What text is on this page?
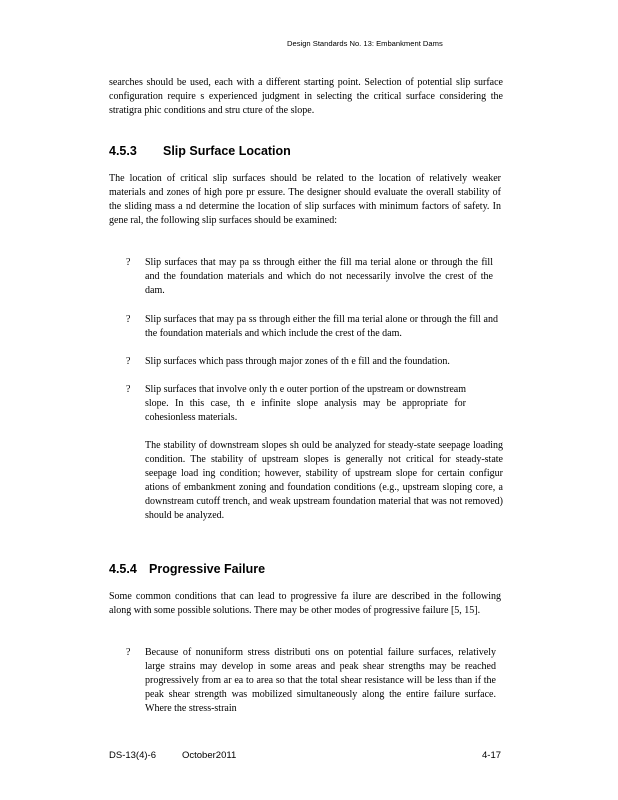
Design Standards No. 13: Embankment Dams

searches should be used, each with a different starting point. Selection of potential slip surface configuration require s experienced judgment in selecting the critical surface considering the stratigra phic conditions and stru cture of the slope.

4.5.3 Slip Surface Location

The location of critical slip surfaces should be related to the location of relatively weaker materials and zones of high pore pr essure. The designer should evaluate the overall stability of the sliding mass a nd determine the location of slip surfaces with minimum factors of safety. In gene ral, the following slip surfaces should be examined:

? Slip surfaces that may pa ss through either the fill ma terial alone or through the fill and the foundation materials and which do not necessarily involve the crest of the dam.
? Slip surfaces that may pa ss through either the fill ma terial alone or through the fill and the foundation materials and which include the crest of the dam.
? Slip surfaces which pass through major zones of th e fill and the foundation.
? Slip surfaces that involve only th e outer portion of the upstream or downstream slope. In this case, th e infinite slope analysis may be appropriate for cohesionless materials.

The stability of downstream slopes sh ould be analyzed for steady-state seepage loading condition. The stability of upstream slopes is generally not critical for steady-state seepage load ing condition; however, stability of upstream slope for certain configur ations of embankment zoning and foundation conditions (e.g., upstream sloping core, a downstream cutoff trench, and weak upstream foundation material that was not removed) should be analyzed.

4.5.4 Progressive Failure

Some common conditions that can lead to progressive fa ilure are described in the following along with some possible solutions. There may be other modes of progressive failure [5, 15].

? Because of nonuniform stress distributi ons on potential failure surfaces, relatively large strains may develop in some areas and peak shear strengths may be reached progressively from ar ea to area so that the total shear resistance will be less than if the peak shear strength was mobilized simultaneously along the entire failure surface. Where the stress-strain
DS-13(4)-6	October2011	4-17
